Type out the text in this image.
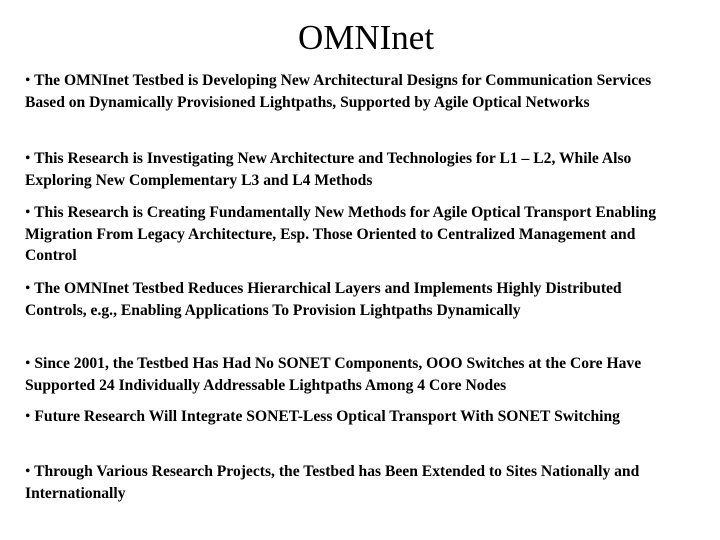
OMNInet
• The OMNInet Testbed is Developing New Architectural Designs for Communication Services Based on Dynamically Provisioned Lightpaths, Supported by Agile Optical Networks
• This Research is Investigating New Architecture and Technologies for L1 – L2, While Also Exploring New Complementary L3 and L4 Methods
• This Research is Creating Fundamentally New Methods for Agile Optical Transport Enabling Migration From Legacy Architecture, Esp. Those Oriented to Centralized Management and Control
• The OMNInet Testbed Reduces Hierarchical Layers and Implements Highly Distributed Controls, e.g., Enabling Applications To Provision Lightpaths Dynamically
• Since 2001, the Testbed Has Had No SONET Components, OOO Switches at the Core Have Supported 24 Individually Addressable Lightpaths Among 4 Core Nodes
• Future Research Will Integrate SONET-Less Optical Transport With SONET Switching
• Through Various Research Projects, the Testbed has Been Extended to Sites Nationally and Internationally
